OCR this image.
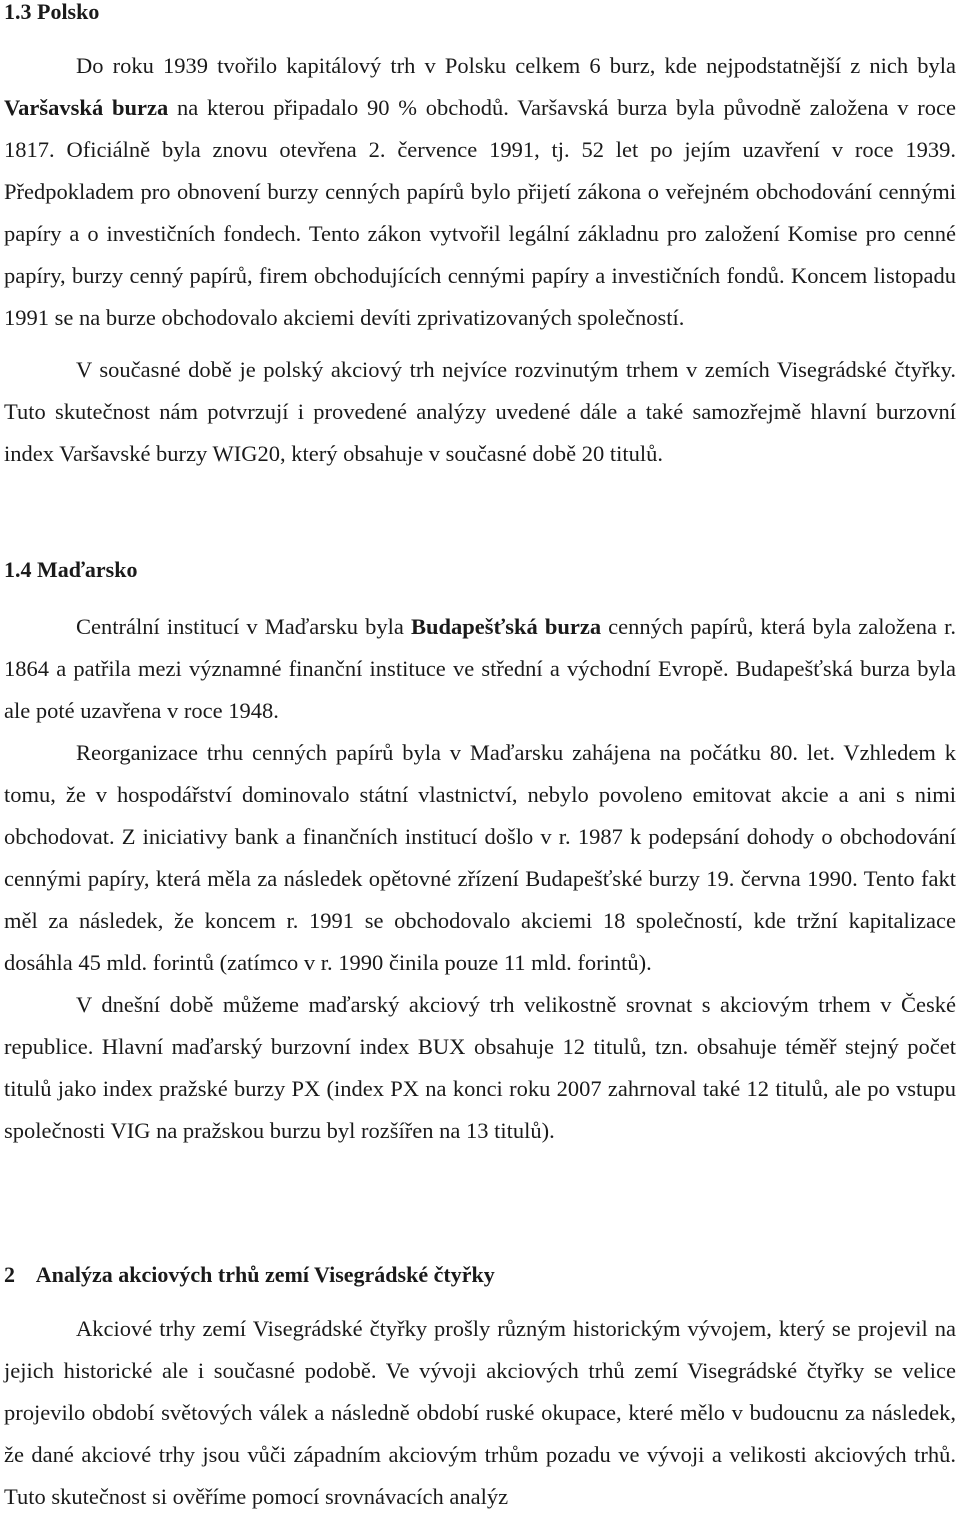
1.3 Polsko

Do roku 1939 tvořilo kapitálový trh v Polsku celkem 6 burz, kde nejpodstatnější z nich byla Varšavská burza na kterou připadalo 90 % obchodů. Varšavská burza byla původně založena v roce 1817. Oficiálně byla znovu otevřena 2. července 1991, tj. 52 let po jejím uzavření v roce 1939. Předpokladem pro obnovení burzy cenných papírů bylo přijetí zákona o veřejném obchodování cennými papíry a o investičních fondech. Tento zákon vytvořil legální základnu pro založení Komise pro cenné papíry, burzy cenný papírů, firem obchodujících cennými papíry a investičních fondů. Koncem listopadu 1991 se na burze obchodovalo akciemi devíti zprivatizovaných společností.

V současné době je polský akciový trh nejvíce rozvinutým trhem v zemích Visegrádské čtyřky. Tuto skutečnost nám potvrzují i provedené analýzy uvedené dále a také samozřejmě hlavní burzovní index Varšavské burzy WIG20, který obsahuje v současné době 20 titulů.

1.4 Maďarsko

Centrální institucí v Maďarsku byla Budapešťská burza cenných papírů, která byla založena r. 1864 a patřila mezi významné finanční instituce ve střední a východní Evropě. Budapešťská burza byla ale poté uzavřena v roce 1948.

Reorganizace trhu cenných papírů byla v Maďarsku zahájena na počátku 80. let. Vzhledem k tomu, že v hospodářství dominovalo státní vlastnictví, nebylo povoleno emitovat akcie a ani s nimi obchodovat. Z iniciativy bank a finančních institucí došlo v r. 1987 k podepsání dohody o obchodování cennými papíry, která měla za následek opětovné zřízení Budapešťské burzy 19. června 1990. Tento fakt měl za následek, že koncem r. 1991 se obchodovalo akciemi 18 společností, kde tržní kapitalizace dosáhla 45 mld. forintů (zatímco v r. 1990 činila pouze 11 mld. forintů).

V dnešní době můžeme maďarský akciový trh velikostně srovnat s akciovým trhem v České republice. Hlavní maďarský burzovní index BUX obsahuje 12 titulů, tzn. obsahuje téměř stejný počet titulů jako index pražské burzy PX (index PX na konci roku 2007 zahrnoval také 12 titulů, ale po vstupu společnosti VIG na pražskou burzu byl rozšířen na 13 titulů).

2    Analýza akciových trhů zemí Visegrádské čtyřky

Akciové trhy zemí Visegrádské čtyřky prošly různým historickým vývojem, který se projevil na jejich historické ale i současné podobě. Ve vývoji akciových trhů zemí Visegrádské čtyřky se velice projevilo období světových válek a následně období ruské okupace, které mělo v budoucnu za následek, že dané akciové trhy jsou vůči západním akciovým trhům pozadu ve vývoji a velikosti akciových trhů. Tuto skutečnost si ověříme pomocí srovnávacích analýz
